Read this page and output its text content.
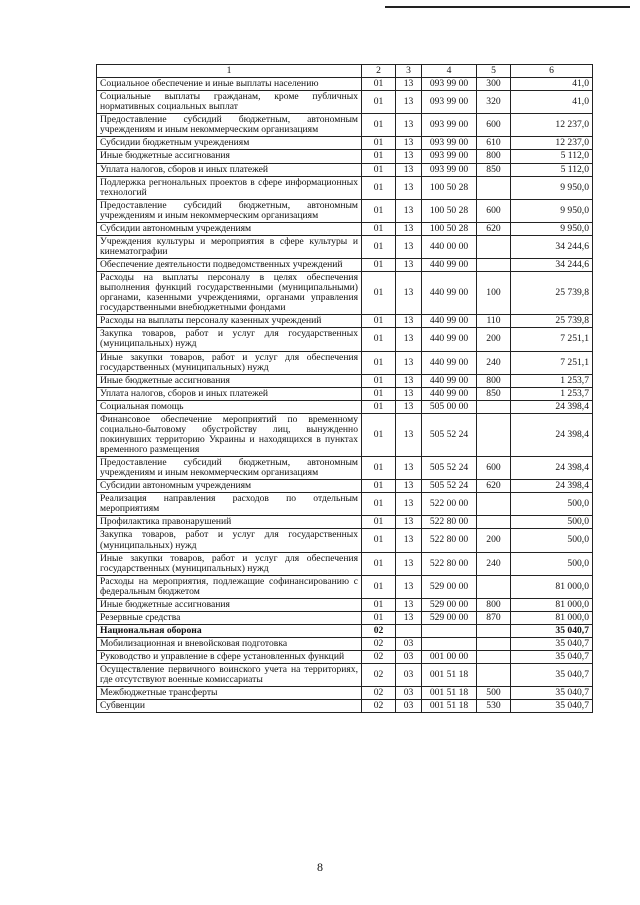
1	2	3	4	5	6
Социальное обеспечение и иные выплаты населению	01	13	093 99 00	300	41,0
Социальные выплаты гражданам, кроме публичных нормативных социальных выплат	01	13	093 99 00	320	41,0
Предоставление субсидий бюджетным, автономным учреждениям и иным некоммерческим организациям	01	13	093 99 00	600	12 237,0
Субсидии бюджетным учреждениям	01	13	093 99 00	610	12 237,0
Иные бюджетные ассигнования	01	13	093 99 00	800	5 112,0
Уплата налогов, сборов и иных платежей	01	13	093 99 00	850	5 112,0
Подлержка регнональных проектов в сфере информационных технологий	01	13	100 50 28		9 950,0
Предоставление субсидий бюджетным, автономным учреждениям и иным некоммерческим организациям	01	13	100 50 28	600	9 950,0
Субсидии автономным учреждениям	01	13	100 50 28	620	9 950,0
Учреждения культуры и мероприятия в сфере культуры и кинематографии	01	13	440 00 00		34 244,6
Обеспечение деятельности подведомственных учреждений	01	13	440 99 00		34 244,6
Расходы на выплаты персоналу в целях обеспечения выполнения функций государственными (муниципальными) органами, казенными учреждениями, органами управления государственными внебюджетными фондами	01	13	440 99 00	100	25 739,8
Расходы на выплаты персоналу казенных учреждений	01	13	440 99 00	110	25 739,8
Закупка товаров, работ и услуг для государственных (муниципальных) нужд	01	13	440 99 00	200	7 251,1
Иные закупки товаров, работ и услуг для обеспечения государственных (муниципальных) нужд	01	13	440 99 00	240	7 251,1
Иные бюджетные ассигнования	01	13	440 99 00	800	1 253,7
Уплата налогов, сборов и иных платежей	01	13	440 99 00	850	1 253,7
Социальная помощь	01	13	505 00 00		24 398,4
Финансовое обеспечение мероприятий по временному социально-бытовому обустройству лиц, вынужденно покинувших территорию Украины и находящихся в пунктах временного размещения	01	13	505 52 24		24 398,4
Предоставление субсидий бюджетным, автономным учреждениям и иным некоммерческим организациям	01	13	505 52 24	600	24 398,4
Субсидии автономным учреждениям	01	13	505 52 24	620	24 398,4
Реализация направления расходов по отдельным мероприятиям	01	13	522 00 00		500,0
Профилактика правонарушений	01	13	522 80 00		500,0
Закупка товаров, работ и услуг для государственных (муниципальных) нужд	01	13	522 80 00	200	500,0
Иные закупки товаров, работ и услуг для обеспечения государственных (муниципальных) нужд	01	13	522 80 00	240	500,0
Расходы на мероприятия, подлежащие софинансированию с федеральным бюджетом	01	13	529 00 00		81 000,0
Иные бюджетные ассигнования	01	13	529 00 00	800	81 000,0
Резервные средства	01	13	529 00 00	870	81 000,0
Национальная оборона	02				35 040,7
Мобилизационная и вневойсковая подготовка	02	03			35 040,7
Руководство и управление в сфере установленных функций	02	03	001 00 00		35 040,7
Осуществление первичного воинского учета на территориях, где отсутствуют военные комиссариаты	02	03	001 51 18		35 040,7
Межбюджетные трансферты	02	03	001 51 18	500	35 040,7
Субвенции	02	03	001 51 18	530	35 040,7
8
